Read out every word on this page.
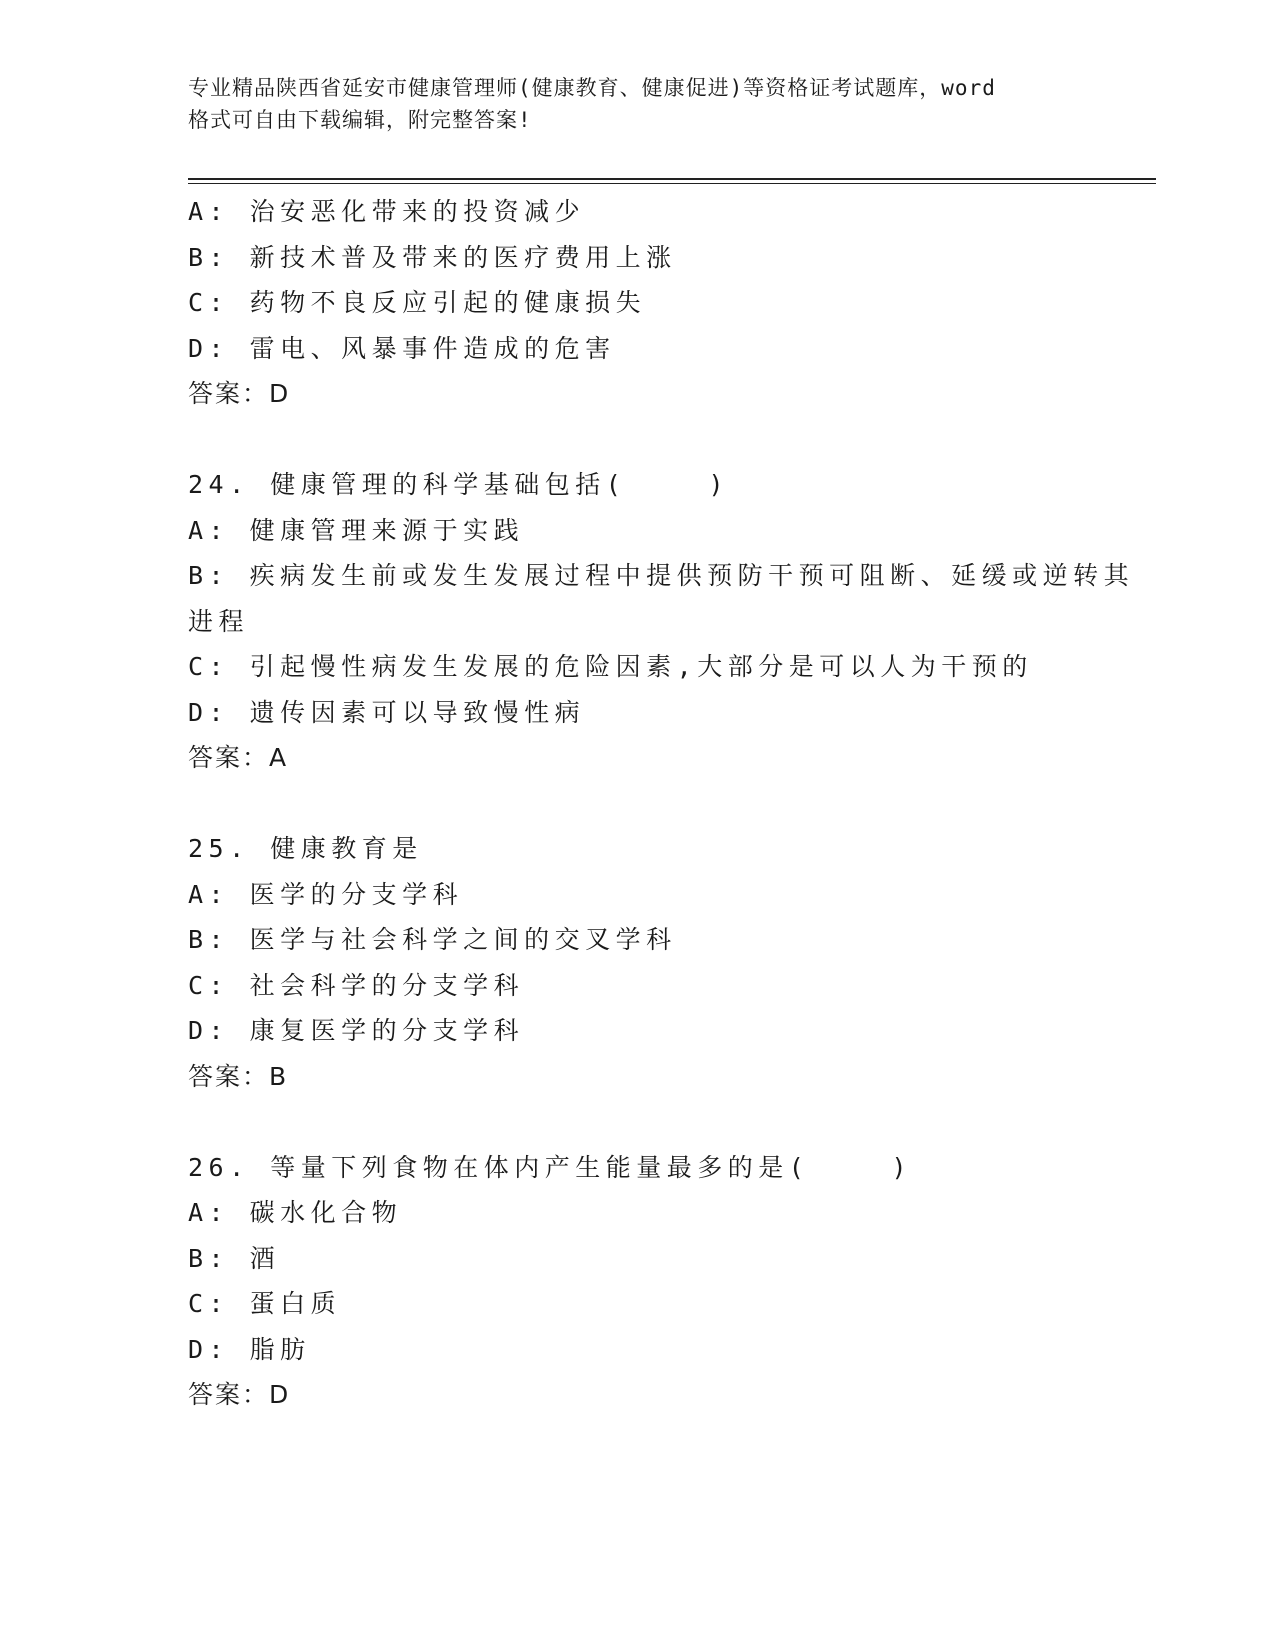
专业精品陕西省延安市健康管理师(健康教育、健康促进)等资格证考试题库，word
格式可自由下载编辑，附完整答案!
A: 治安恶化带来的投资减少
B: 新技术普及带来的医疗费用上涨
C: 药物不良反应引起的健康损失
D: 雷电、风暴事件造成的危害
答案：D
24. 健康管理的科学基础包括(    )
A: 健康管理来源于实践
B: 疾病发生前或发生发展过程中提供预防干预可阻断、延缓或逆转其
进程
C: 引起慢性病发生发展的危险因素,大部分是可以人为干预的
D: 遗传因素可以导致慢性病
答案：A
25. 健康教育是
A: 医学的分支学科
B: 医学与社会科学之间的交叉学科
C: 社会科学的分支学科
D: 康复医学的分支学科
答案：B
26. 等量下列食物在体内产生能量最多的是(    )
A: 碳水化合物
B: 酒
C: 蛋白质
D: 脂肪
答案：D
